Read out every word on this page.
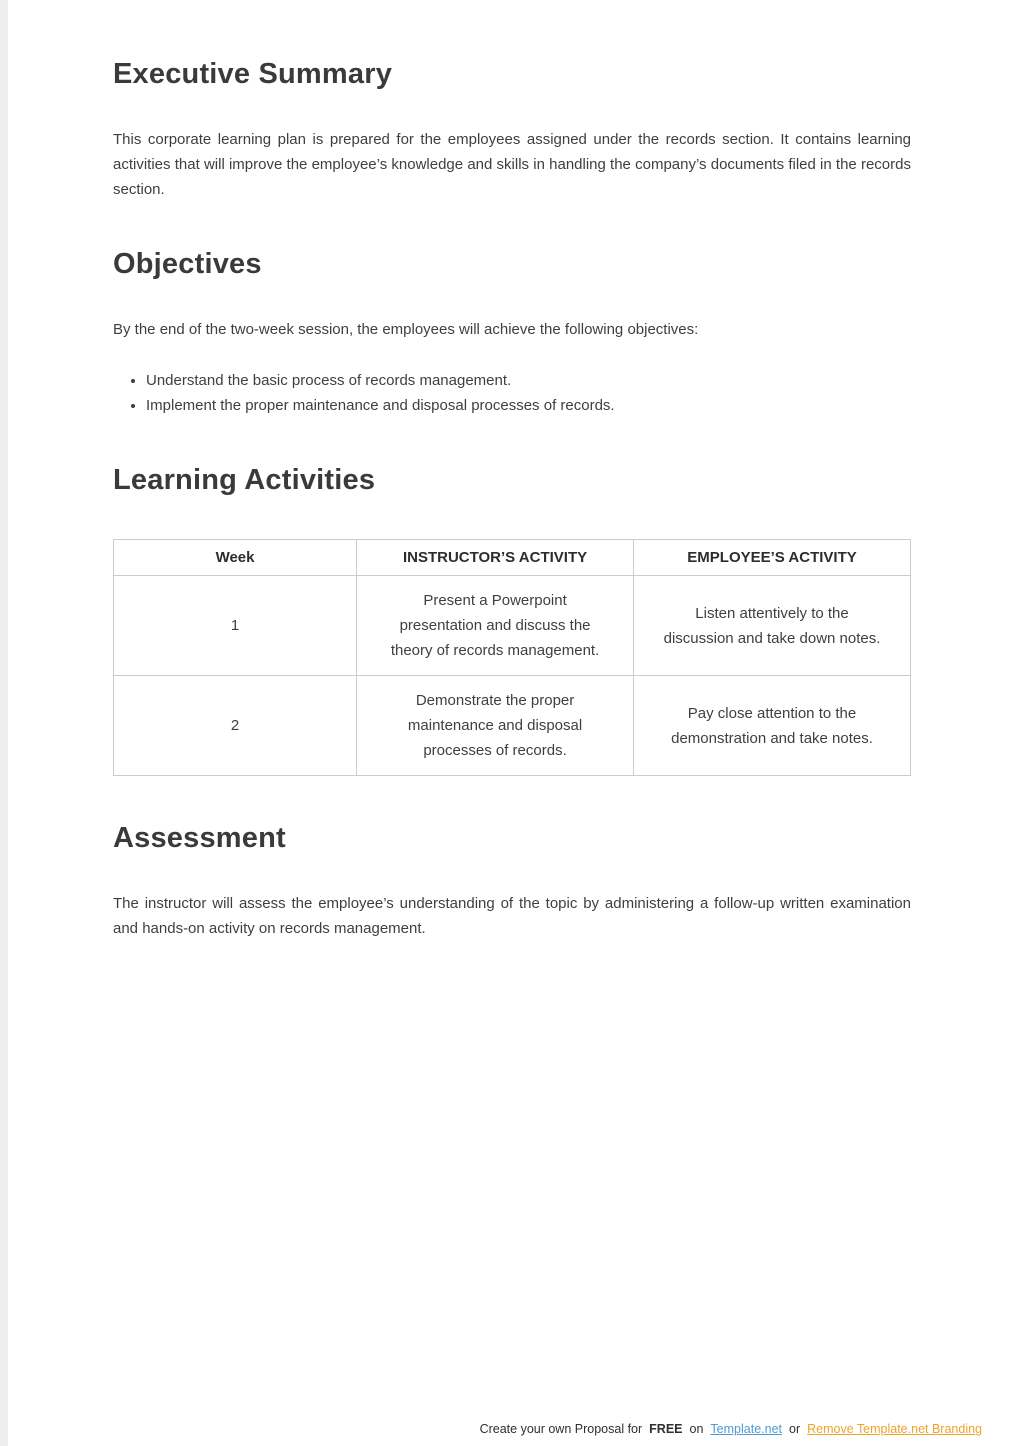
Executive Summary

This corporate learning plan is prepared for the employees assigned under the records section. It contains learning activities that will improve the employee’s knowledge and skills in handling the company’s documents filed in the records section.

Objectives

By the end of the two-week session, the employees will achieve the following objectives:

• Understand the basic process of records management.
• Implement the proper maintenance and disposal processes of records.
Learning Activities
Week	INSTRUCTOR’S ACTIVITY	EMPLOYEE’S ACTIVITY
1	Present a Powerpoint presentation and discuss the theory of records management.	Listen attentively to the discussion and take down notes.
2	Demonstrate the proper maintenance and disposal processes of records.	Pay close attention to the demonstration and take notes.
Assessment

The instructor will assess the employee’s understanding of the topic by administering a follow-up written examination and hands-on activity on records management.

Create your own Proposal for FREE on Template.net or Remove Template.net Branding
